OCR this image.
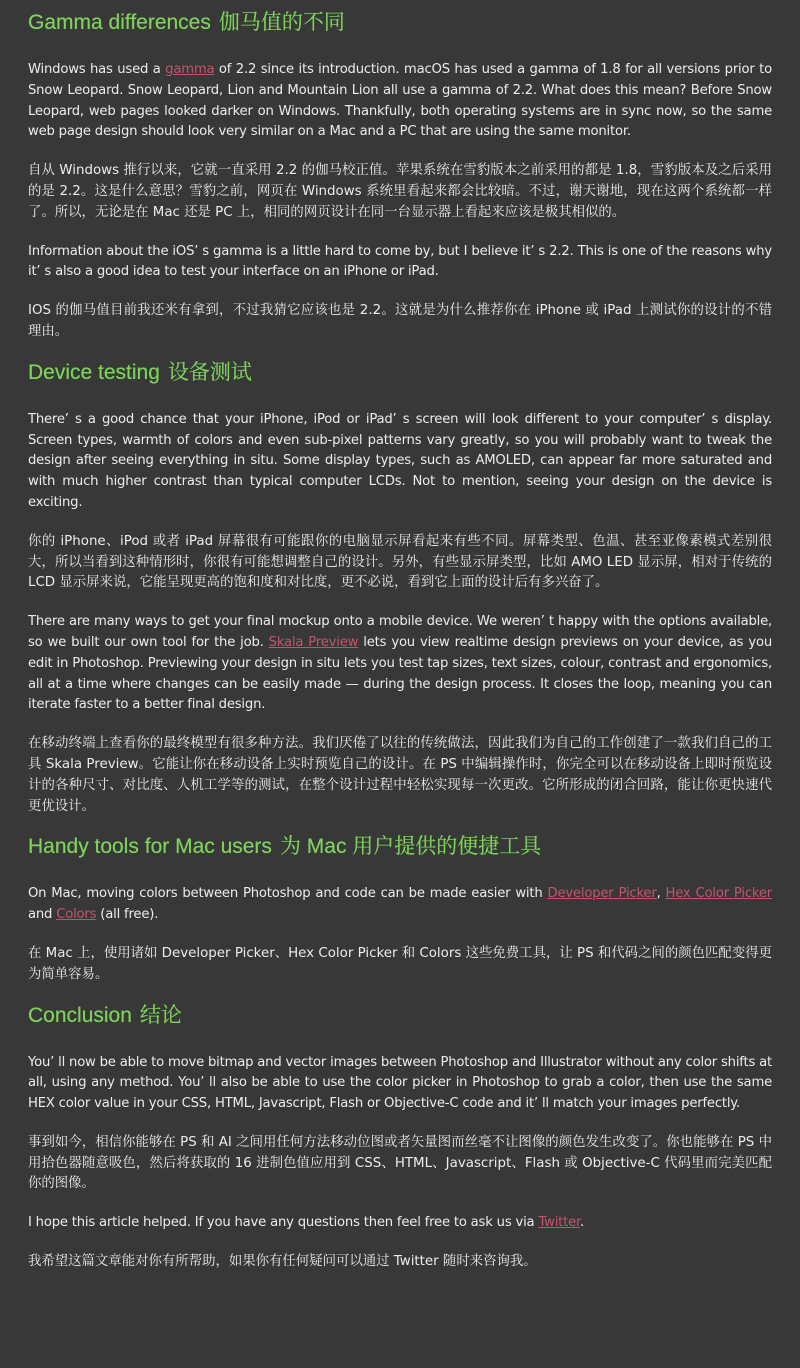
Gamma differences 伽马值的不同

Windows has used a gamma of 2.2 since its introduction. macOS has used a gamma of 1.8 for all versions prior to Snow Leopard. Snow Leopard, Lion and Mountain Lion all use a gamma of 2.2. What does this mean? Before Snow Leopard, web pages looked darker on Windows. Thankfully, both operating systems are in sync now, so the same web page design should look very similar on a Mac and a PC that are using the same monitor.

自从 Windows 推行以来，它就一直采用 2.2 的伽马校正值。苹果系统在雪豹版本之前采用的都是 1.8，雪豹版本及之后采用的是 2.2。这是什么意思？雪豹之前，网页在 Windows 系统里看起来都会比较暗。不过，谢天谢地，现在这两个系统都一样了。所以，无论是在 Mac 还是 PC 上，相同的网页设计在同一台显示器上看起来应该是极其相似的。

Information about the iOS’ s gamma is a little hard to come by, but I believe it’ s 2.2. This is one of the reasons why it’ s also a good idea to test your interface on an iPhone or iPad.

IOS 的伽马值目前我还米有拿到，不过我猜它应该也是 2.2。这就是为什么推荐你在 iPhone 或 iPad 上测试你的设计的不错理由。

Device testing 设备测试

There’ s a good chance that your iPhone, iPod or iPad’ s screen will look different to your computer’ s display. Screen types, warmth of colors and even sub-pixel patterns vary greatly, so you will probably want to tweak the design after seeing everything in situ. Some display types, such as AMOLED, can appear far more saturated and with much higher contrast than typical computer LCDs. Not to mention, seeing your design on the device is exciting.

你的 iPhone、iPod 或者 iPad 屏幕很有可能跟你的电脑显示屏看起来有些不同。屏幕类型、色温、甚至亚像素模式差别很大，所以当看到这种情形时，你很有可能想调整自己的设计。另外，有些显示屏类型，比如 AMO LED 显示屏，相对于传统的 LCD 显示屏来说，它能呈现更高的饱和度和对比度，更不必说，看到它上面的设计后有多兴奋了。

There are many ways to get your final mockup onto a mobile device. We weren’ t happy with the options available, so we built our own tool for the job. Skala Preview lets you view realtime design previews on your device, as you edit in Photoshop. Previewing your design in situ lets you test tap sizes, text sizes, colour, contrast and ergonomics, all at a time where changes can be easily made — during the design process. It closes the loop, meaning you can iterate faster to a better final design.

在移动终端上查看你的最终模型有很多种方法。我们厌倦了以往的传统做法，因此我们为自己的工作创建了一款我们自己的工具 Skala Preview。它能让你在移动设备上实时预览自己的设计。在 PS 中编辑操作时，你完全可以在移动设备上即时预览设计的各种尺寸、对比度、人机工学等的测试，在整个设计过程中轻松实现每一次更改。它所形成的闭合回路，能让你更快速代更优设计。

Handy tools for Mac users 为 Mac 用户提供的便捷工具

On Mac, moving colors between Photoshop and code can be made easier with Developer Picker, Hex Color Picker and Colors (all free).

在 Mac 上，使用诸如 Developer Picker、Hex Color Picker 和 Colors 这些免费工具，让 PS 和代码之间的颜色匹配变得更为简单容易。

Conclusion 结论

You’ ll now be able to move bitmap and vector images between Photoshop and Illustrator without any color shifts at all, using any method. You’ ll also be able to use the color picker in Photoshop to grab a color, then use the same HEX color value in your CSS, HTML, Javascript, Flash or Objective-C code and it’ ll match your images perfectly.

事到如今，相信你能够在 PS 和 AI 之间用任何方法移动位图或者矢量图而丝毫不让图像的颜色发生改变了。你也能够在 PS 中用拾色器随意吸色，然后将获取的 16 进制色值应用到 CSS、HTML、Javascript、Flash 或 Objective-C 代码里而完美匹配你的图像。

I hope this article helped. If you have any questions then feel free to ask us via Twitter.

我希望这篇文章能对你有所帮助，如果你有任何疑问可以通过 Twitter 随时来咨询我。
